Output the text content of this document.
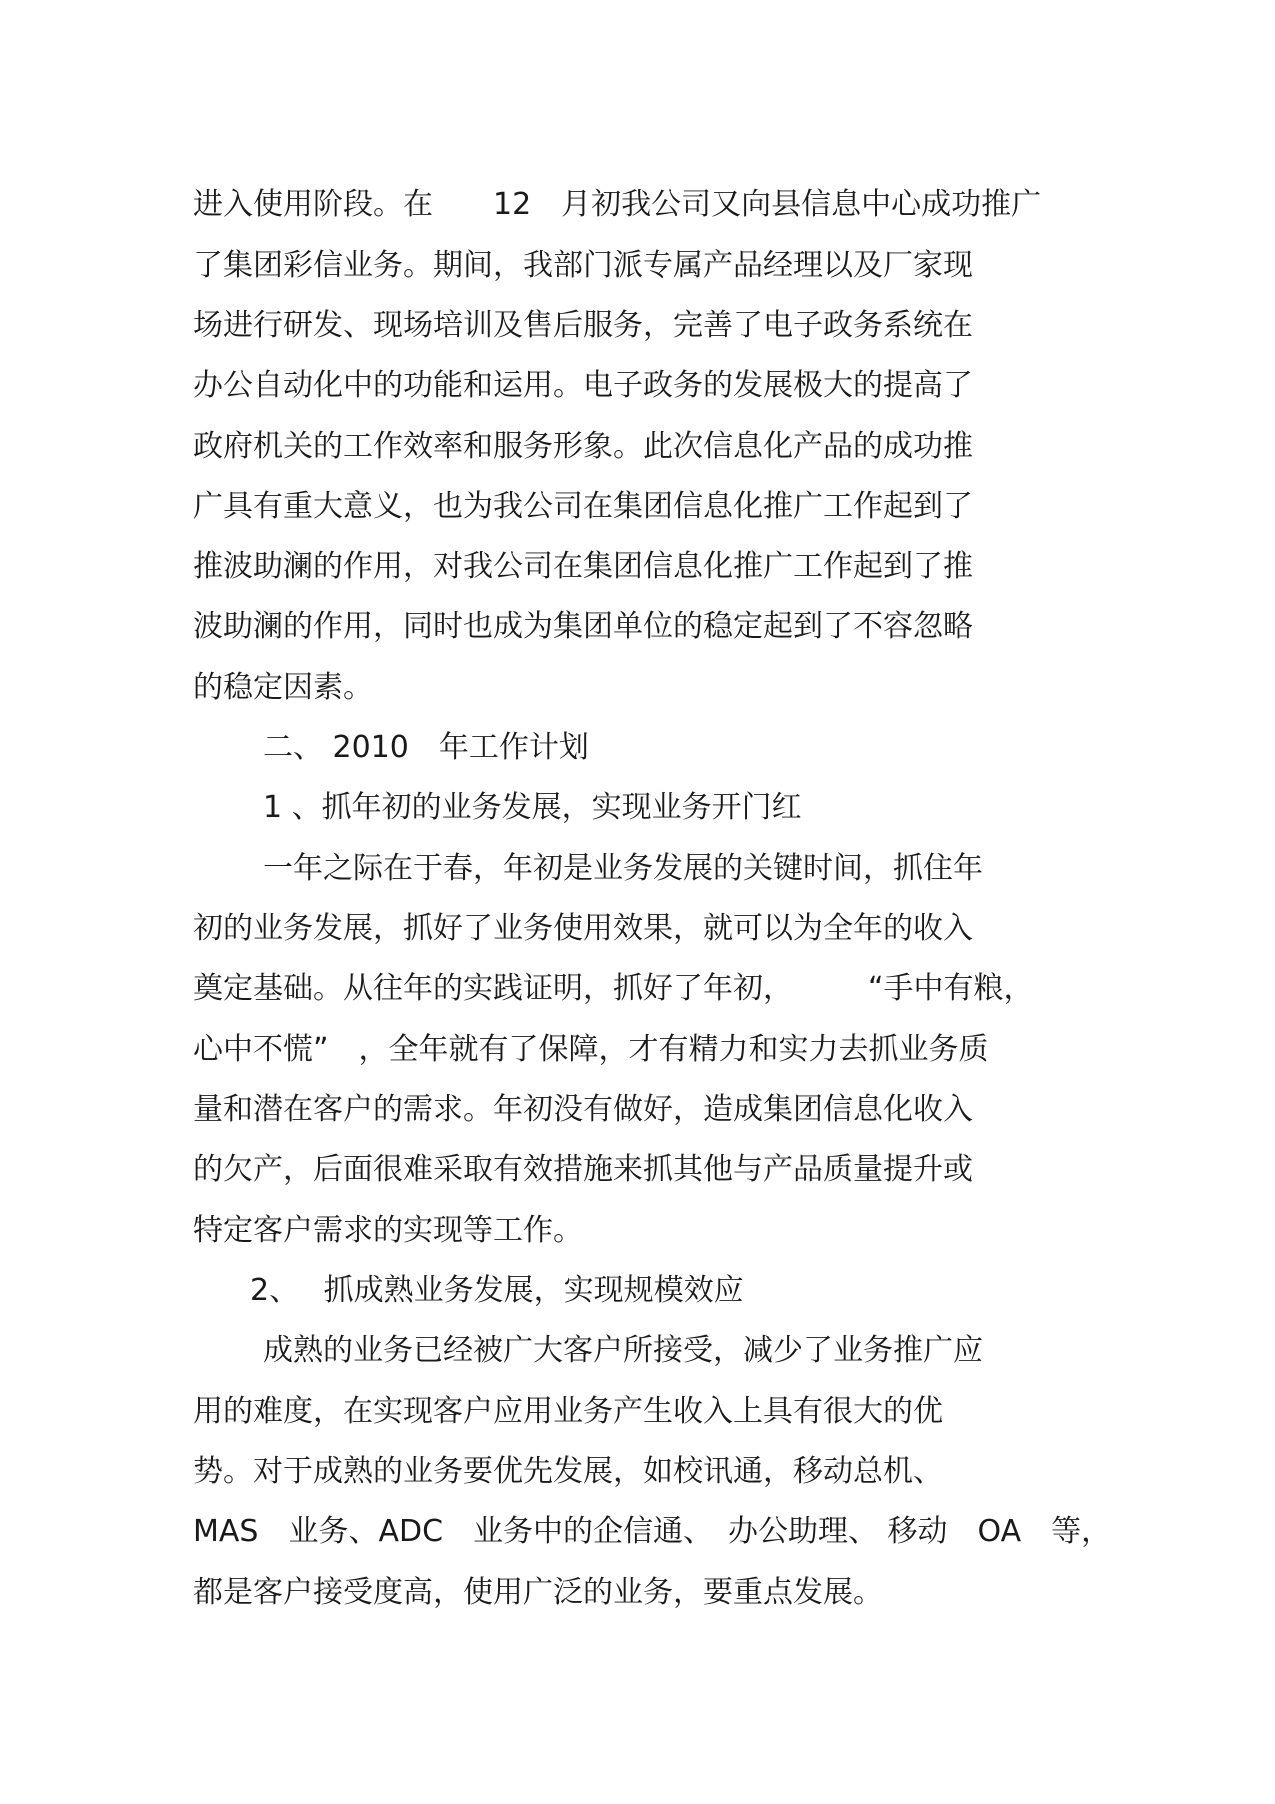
进入使用阶段。在　　12　月初我公司又向县信息中心成功推广
了集团彩信业务。期间，我部门派专属产品经理以及厂家现
场进行研发、现场培训及售后服务，完善了电子政务系统在
办公自动化中的功能和运用。电子政务的发展极大的提高了
政府机关的工作效率和服务形象。此次信息化产品的成功推
广具有重大意义，也为我公司在集团信息化推广工作起到了
推波助澜的作用，对我公司在集团信息化推广工作起到了推
波助澜的作用，同时也成为集团单位的稳定起到了不容忽略
的稳定因素。
二、 2010　年工作计划
1 、抓年初的业务发展，实现业务开门红
一年之际在于春，年初是业务发展的关键时间，抓住年
初的业务发展，抓好了业务使用效果，就可以为全年的收入
奠定基础。从往年的实践证明，抓好了年初，　　　“手中有粮，
心中不慌”　，全年就有了保障，才有精力和实力去抓业务质
量和潜在客户的需求。年初没有做好，造成集团信息化收入
的欠产，后面很难采取有效措施来抓其他与产品质量提升或
特定客户需求的实现等工作。
2、　 抓成熟业务发展，实现规模效应
成熟的业务已经被广大客户所接受，减少了业务推广应
用的难度，在实现客户应用业务产生收入上具有很大的优
势。对于成熟的业务要优先发展，如校讯通，移动总机、
MAS　业务、ADC　业务中的企信通、　办公助理、 移动　OA　等，
都是客户接受度高，使用广泛的业务，要重点发展。
